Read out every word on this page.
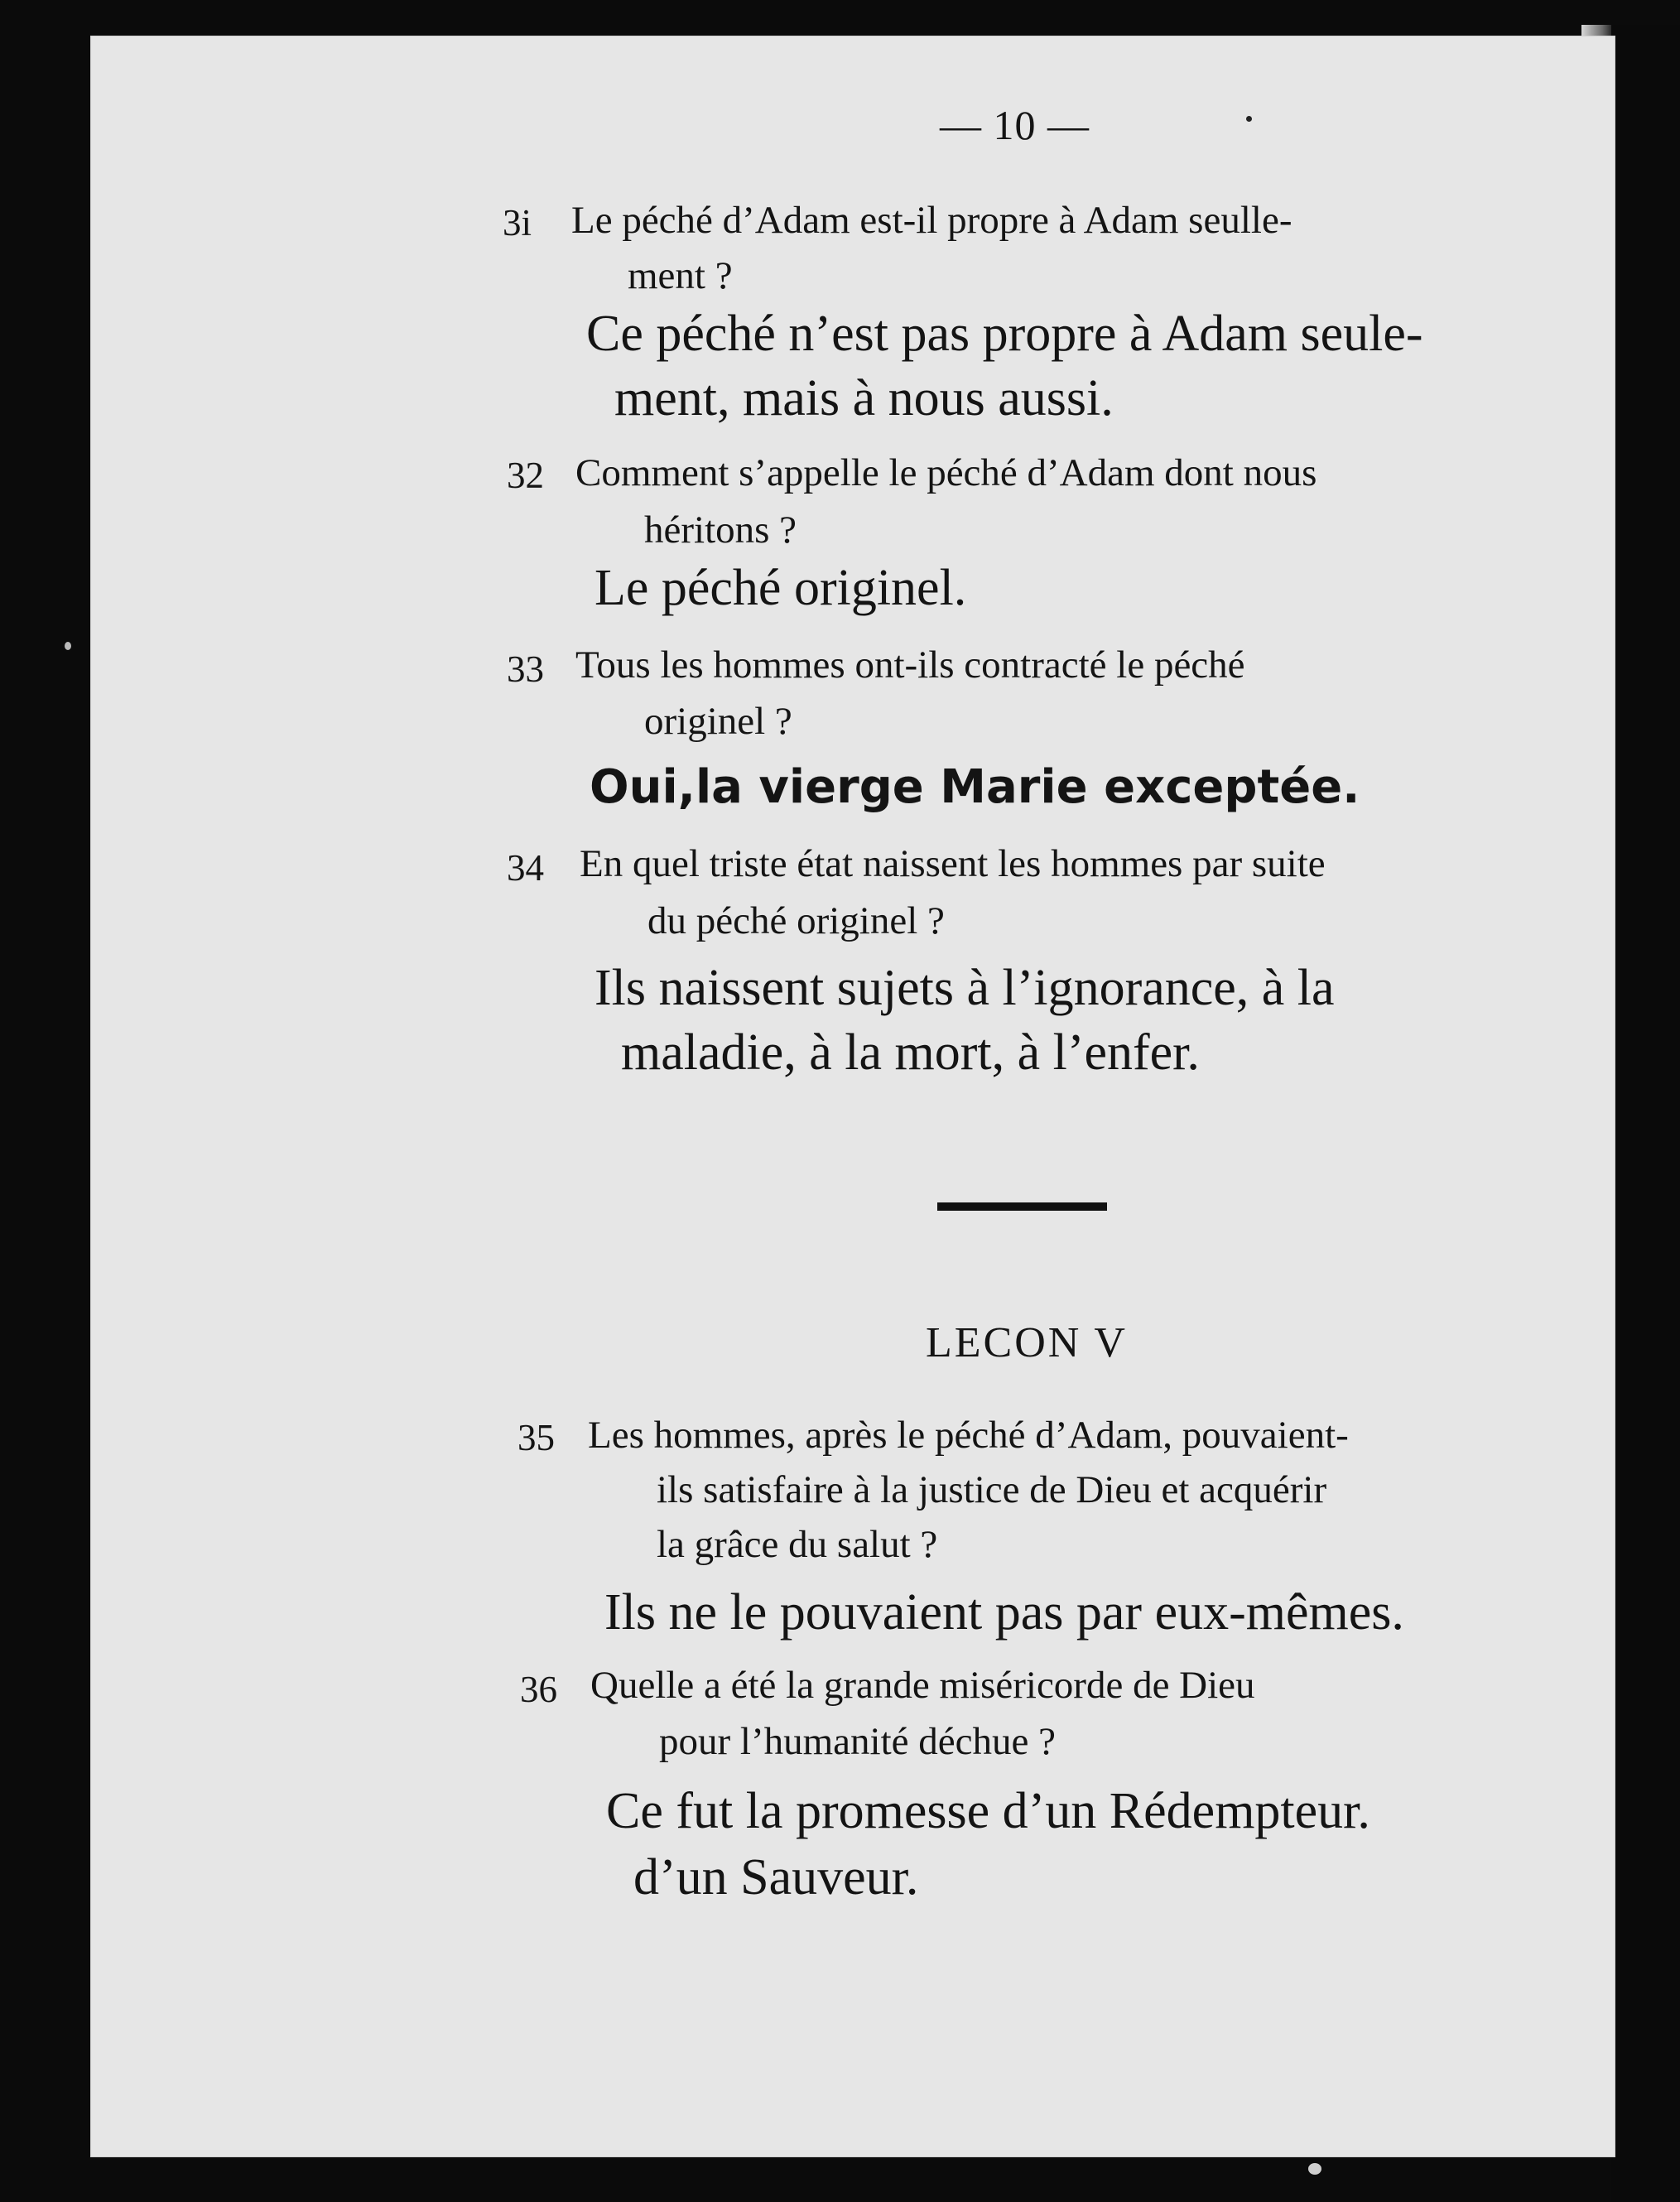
— 10 —
3i Le péché d’Adam est-il propre à Adam seulle-
ment ?
Ce péché n’est pas propre à Adam seule-
ment, mais à nous aussi.
32 Comment s’appelle le péché d’Adam dont nous
héritons ?
Le péché originel.
33 Tous les hommes ont-ils contracté le péché
originel ?
Oui,la vierge Marie exceptée.
34 En quel triste état naissent les hommes par suite
du péché originel ?
Ils naissent sujets à l’ignorance, à la
maladie, à la mort, à l’enfer.
LECON V
35 Les hommes, après le péché d’Adam, pouvaient-
ils satisfaire à la justice de Dieu et acquérir
la grâce du salut ?
Ils ne le pouvaient pas par eux-mêmes.
36 Quelle a été la grande miséricorde de Dieu
pour l’humanité déchue ?
Ce fut la promesse d’un Rédempteur.
d’un Sauveur.
